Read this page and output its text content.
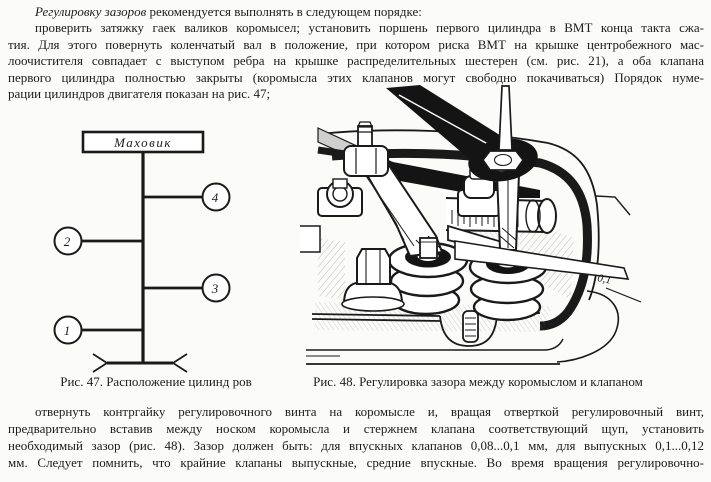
Регулировку зазоров рекомендуется выполнять в следующем порядке:
проверить затяжку гаек валиков коромысел; установить поршень первого цилиндра в ВМТ конца такта сжа-
тия. Для этого повернуть коленчатый вал в положение, при котором риска ВМТ на крышке центробежного мас-
лоочистителя совпадает с выступом ребра на крышке распределительных шестерен (см. рис. 21), а оба клапана
первого цилиндра полностью закрыты (коромысла этих клапанов могут свободно покачиваться) Порядок нуме-
рации цилиндров двигателя показан на рис. 47;
Маховик
4
2
3
1
0,1
Рис. 47. Расположение цилинд ров	Рис. 48. Регулировка зазора между коромыслом и клапаном
отвернуть контргайку регулировочного винта на коромысле и, вращая отверткой регулировочный винт,
предварительно вставив между носком коромысла и стержнем клапана соответствующий щуп, установить
необходимый зазор (рис. 48). Зазор должен быть: для впускных клапанов 0,08...0,1 мм, для выпускных 0,1...0,12
мм. Следует помнить, что крайние клапаны выпускные, средние впускные. Во время вращения регулировочно-
